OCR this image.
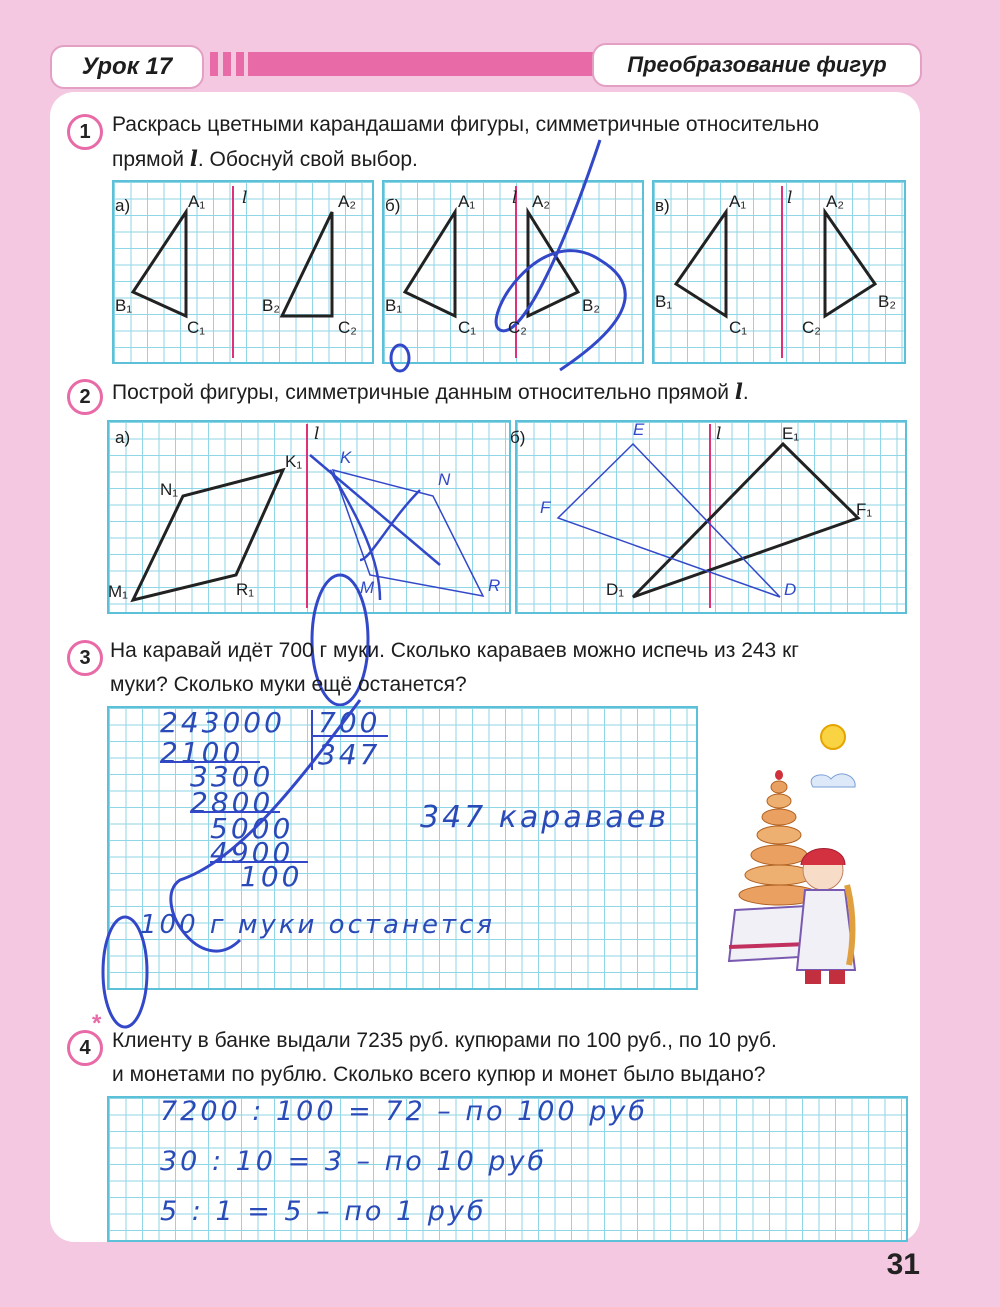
Урок 17	Преобразование фигур
1 Раскрась цветными карандашами фигуры, симметричные относительно
прямой l. Обоснуй свой выбор.
а)	A₁
B₁
C₁
A₂
B₂
C₂
l	б)	A₁
B₁
C₁
A₂
B₂
C₂
l	в)	A₁
B₁
C₁
A₂
B₂
C₂
l
2 Построй фигуры, симметричные данным относительно прямой l.
а)	l
K₁
N₁
M₁	R₁
K
N
M	R
б)	l
E	E₁
F	F₁
D
D₁
3 На каравай идёт 700 г муки. Сколько караваев можно испечь из 243 кг
муки? Сколько муки ещё останется?
243000 700
347
2100
3300
2800
5000
4900
100
347 караваев
100 г муки останется
4
*
Клиенту в банке выдали 7235 руб. купюрами по 100 руб., по 10 руб.
и монетами по рублю. Сколько всего купюр и монет было выдано?
7200 : 100 = 72 – по 100 руб
30 : 10 = 3 – по 10 руб
5 : 1 = 5 – по 1 руб
31
